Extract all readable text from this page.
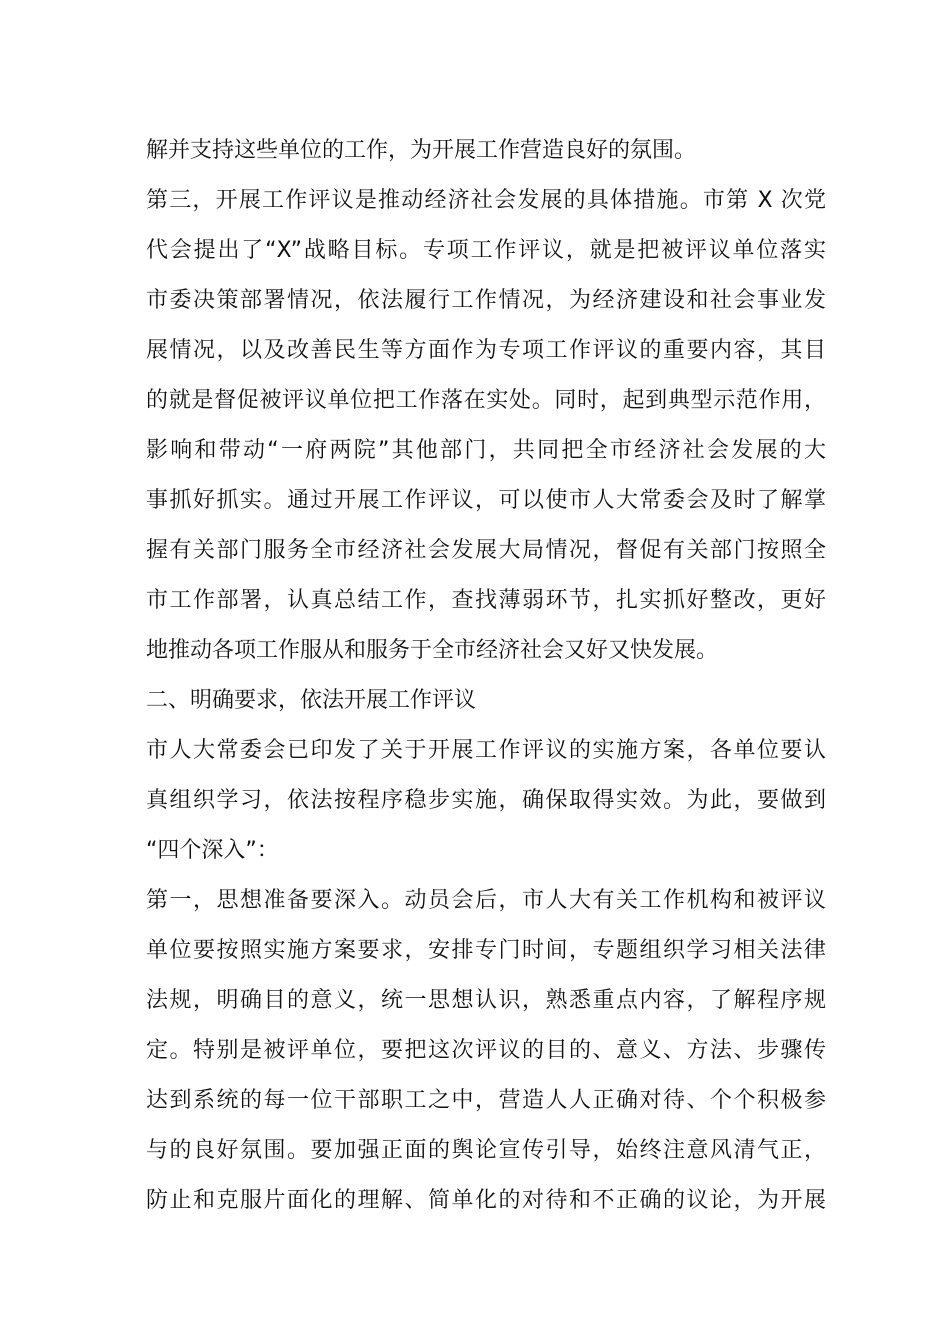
解并支持这些单位的工作，为开展工作营造良好的氛围。
第三，开展工作评议是推动经济社会发展的具体措施。市第 X 次党
代会提出了“X”战略目标。专项工作评议，就是把被评议单位落实
市委决策部署情况，依法履行工作情况，为经济建设和社会事业发
展情况，以及改善民生等方面作为专项工作评议的重要内容，其目
的就是督促被评议单位把工作落在实处。同时，起到典型示范作用，
影响和带动“一府两院”其他部门，共同把全市经济社会发展的大
事抓好抓实。通过开展工作评议，可以使市人大常委会及时了解掌
握有关部门服务全市经济社会发展大局情况，督促有关部门按照全
市工作部署，认真总结工作，查找薄弱环节，扎实抓好整改，更好
地推动各项工作服从和服务于全市经济社会又好又快发展。
二、明确要求，依法开展工作评议
市人大常委会已印发了关于开展工作评议的实施方案，各单位要认
真组织学习，依法按程序稳步实施，确保取得实效。为此，要做到
“四个深入”：
第一，思想准备要深入。动员会后，市人大有关工作机构和被评议
单位要按照实施方案要求，安排专门时间，专题组织学习相关法律
法规，明确目的意义，统一思想认识，熟悉重点内容，了解程序规
定。特别是被评单位，要把这次评议的目的、意义、方法、步骤传
达到系统的每一位干部职工之中，营造人人正确对待、个个积极参
与的良好氛围。要加强正面的舆论宣传引导，始终注意风清气正，
防止和克服片面化的理解、简单化的对待和不正确的议论，为开展
